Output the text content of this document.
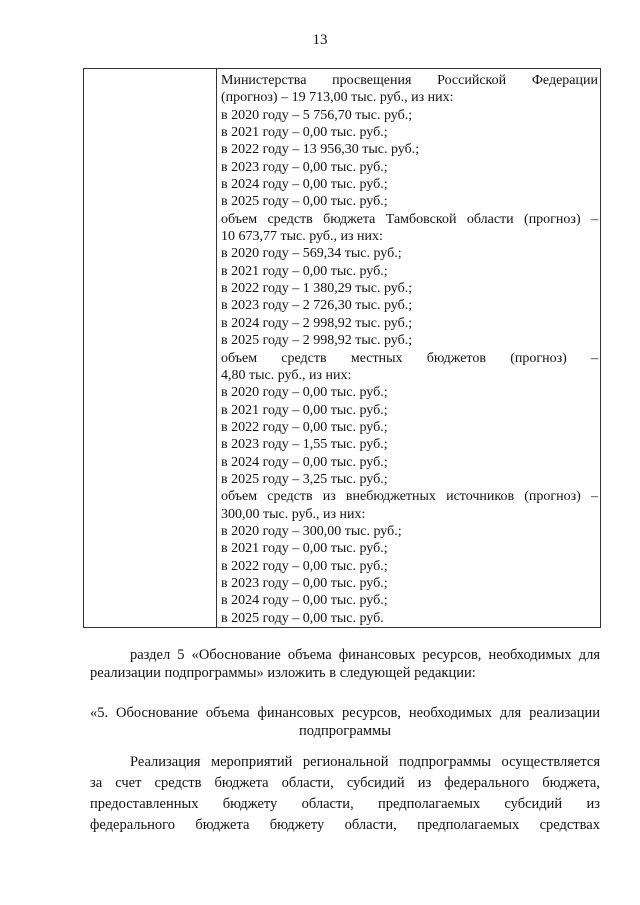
13
Министерства просвещения Российской Федерации
(прогноз) – 19 713,00 тыс. руб., из них:
в 2020 году – 5 756,70 тыс. руб.;
в 2021 году – 0,00 тыс. руб.;
в 2022 году – 13 956,30 тыс. руб.;
в 2023 году – 0,00 тыс. руб.;
в 2024 году – 0,00 тыс. руб.;
в 2025 году – 0,00 тыс. руб.;
объем средств бюджета Тамбовской области (прогноз) –
10 673,77 тыс. руб., из них:
в 2020 году – 569,34 тыс. руб.;
в 2021 году – 0,00 тыс. руб.;
в 2022 году – 1 380,29 тыс. руб.;
в 2023 году – 2 726,30 тыс. руб.;
в 2024 году – 2 998,92 тыс. руб.;
в 2025 году – 2 998,92 тыс. руб.;
объем средств местных бюджетов (прогноз) –
4,80 тыс. руб., из них:
в 2020 году – 0,00 тыс. руб.;
в 2021 году – 0,00 тыс. руб.;
в 2022 году – 0,00 тыс. руб.;
в 2023 году – 1,55 тыс. руб.;
в 2024 году – 0,00 тыс. руб.;
в 2025 году – 3,25 тыс. руб.;
объем средств из внебюджетных источников (прогноз) –
300,00 тыс. руб., из них:
в 2020 году – 300,00 тыс. руб.;
в 2021 году – 0,00 тыс. руб.;
в 2022 году – 0,00 тыс. руб.;
в 2023 году – 0,00 тыс. руб.;
в 2024 году – 0,00 тыс. руб.;
в 2025 году – 0,00 тыс. руб.
раздел 5 «Обоснование объема финансовых ресурсов, необходимых для
реализации подпрограммы» изложить в следующей редакции:
«5. Обоснование объема финансовых ресурсов, необходимых для реализации
подпрограммы
Реализация мероприятий региональной подпрограммы осуществляется
за счет средств бюджета области, субсидий из федерального бюджета,
предоставленных бюджету области, предполагаемых субсидий из
федерального бюджета бюджету области, предполагаемых средствах
